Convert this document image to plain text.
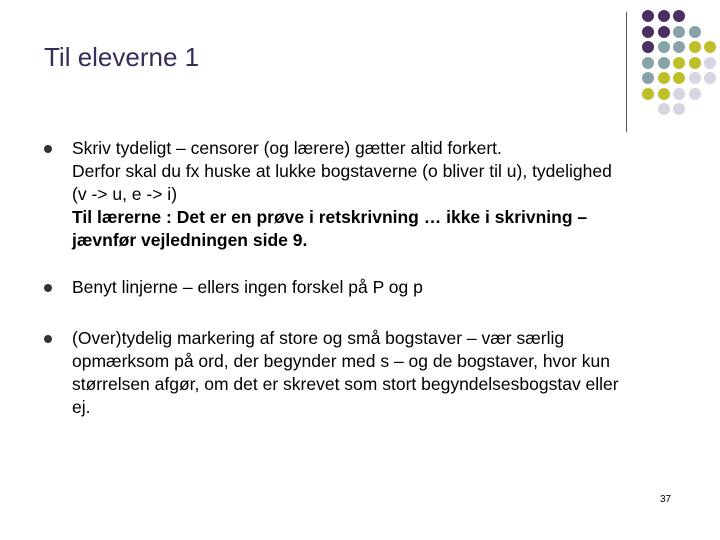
Til eleverne 1
Skriv tydeligt – censorer (og lærere) gætter altid forkert.
Derfor skal du fx huske at lukke bogstaverne (o bliver til u), tydelighed
(v -> u, e -> i)
Til lærerne : Det er en prøve i retskrivning … ikke i skrivning –
jævnfør vejledningen side 9.
Benyt linjerne – ellers ingen forskel på P og p
(Over)tydelig markering af store og små bogstaver – vær særlig
opmærksom på ord, der begynder med s – og de bogstaver, hvor kun
størrelsen afgør, om det er skrevet som stort begyndelsesbogstav eller
ej.
37
